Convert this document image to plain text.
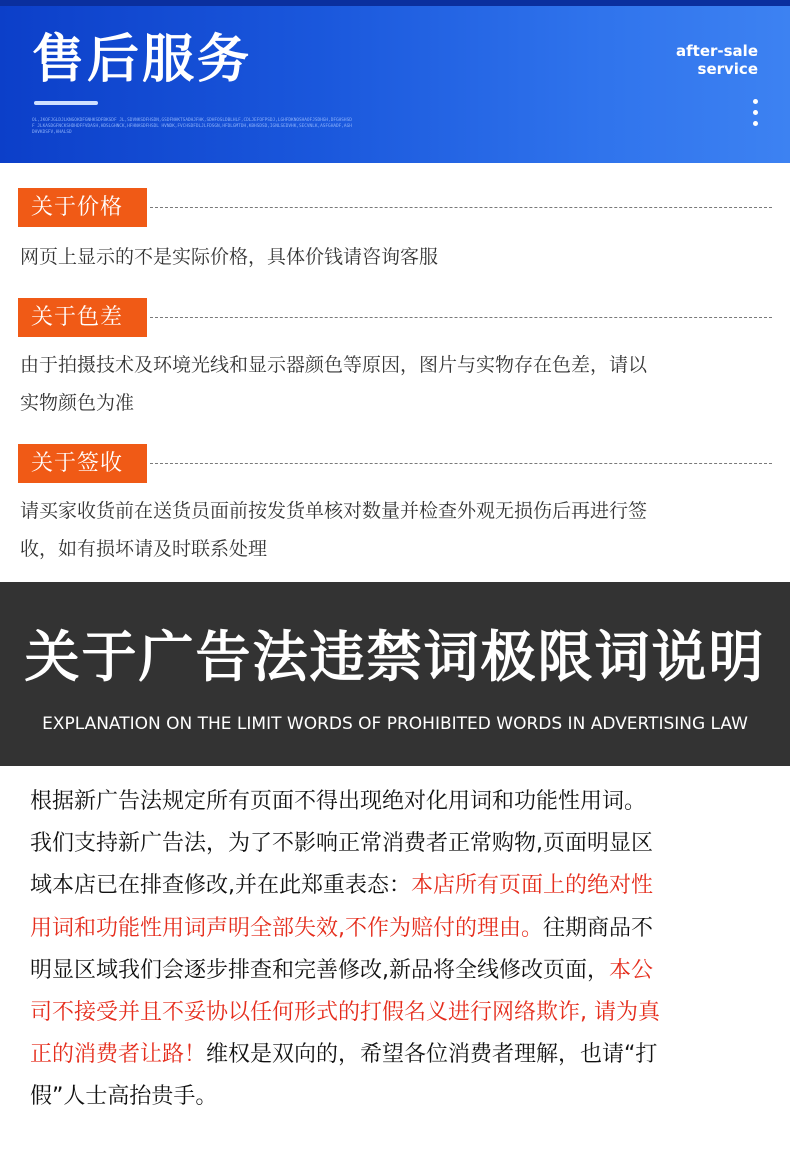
售后服务
OL,JKOFJGLDJLKNGOKDFGNHKSDFBKSDF JL,SDVNKSDFHSDN,GSDFNHKTSADHJFHK,SDHFOSLDBLHLF,CDLJEFOFPSDJ,LGHFDKNOSHAOFJSDHGH,DFGHSHSDF JLKASDGFNCKSHDHDFFVDASH,HDSLGHNCK,HFHNASDFHSDL HVNDK,FVCHSDFDLJLFDSGN,HFDLGMTDH,KBHSDSD,IGNLSEDVHK,SECVNLK,ASFGHADF,AGHDHVKDSFV,HHALSD
after-sale
service
关于价格
网页上显示的不是实际价格，具体价钱请咨询客服
关于色差
由于拍摄技术及环境光线和显示器颜色等原因，图片与实物存在色差，请以
实物颜色为准
关于签收
请买家收货前在送货员面前按发货单核对数量并检查外观无损伤后再进行签
收，如有损坏请及时联系处理
关于广告法违禁词极限词说明
EXPLANATION ON THE LIMIT WORDS OF PROHIBITED WORDS IN ADVERTISING LAW
根据新广告法规定所有页面不得出现绝对化用词和功能性用词。
我们支持新广告法，为了不影响正常消费者正常购物,页面明显区
域本店已在排查修改,并在此郑重表态：本店所有页面上的绝对性
用词和功能性用词声明全部失效,不作为赔付的理由。往期商品不
明显区域我们会逐步排查和完善修改,新品将全线修改页面，本公
司不接受并且不妥协以任何形式的打假名义进行网络欺诈, 请为真
正的消费者让路！维权是双向的，希望各位消费者理解，也请“打
假”人士高抬贵手。
